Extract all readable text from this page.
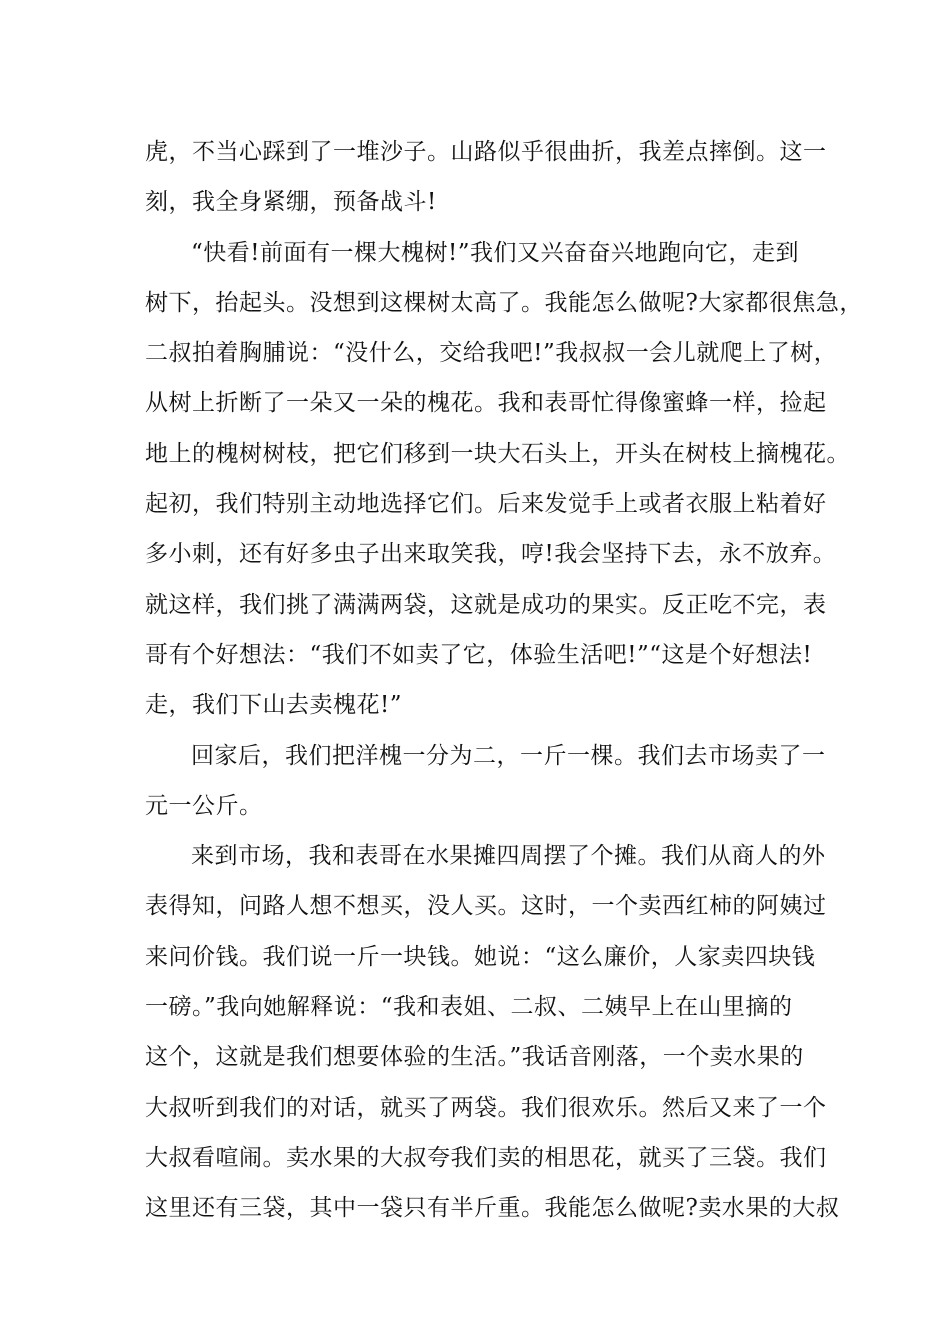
虎，不当心踩到了一堆沙子。山路似乎很曲折，我差点摔倒。这一
刻，我全身紧绷，预备战斗!
“快看!前面有一棵大槐树!”我们又兴奋奋兴地跑向它，走到
树下，抬起头。没想到这棵树太高了。我能怎么做呢?大家都很焦急，
二叔拍着胸脯说：“没什么，交给我吧!”我叔叔一会儿就爬上了树，
从树上折断了一朵又一朵的槐花。我和表哥忙得像蜜蜂一样，捡起
地上的槐树树枝，把它们移到一块大石头上，开头在树枝上摘槐花。
起初，我们特别主动地选择它们。后来发觉手上或者衣服上粘着好
多小刺，还有好多虫子出来取笑我，哼!我会坚持下去，永不放弃。
就这样，我们挑了满满两袋，这就是成功的果实。反正吃不完，表
哥有个好想法：“我们不如卖了它，体验生活吧!”“这是个好想法!
走，我们下山去卖槐花!”
回家后，我们把洋槐一分为二，一斤一棵。我们去市场卖了一
元一公斤。
来到市场，我和表哥在水果摊四周摆了个摊。我们从商人的外
表得知，问路人想不想买，没人买。这时，一个卖西红柿的阿姨过
来问价钱。我们说一斤一块钱。她说：“这么廉价，人家卖四块钱
一磅。”我向她解释说：“我和表姐、二叔、二姨早上在山里摘的
这个，这就是我们想要体验的生活。”我话音刚落，一个卖水果的
大叔听到我们的对话，就买了两袋。我们很欢乐。然后又来了一个
大叔看喧闹。卖水果的大叔夸我们卖的相思花，就买了三袋。我们
这里还有三袋，其中一袋只有半斤重。我能怎么做呢?卖水果的大叔
